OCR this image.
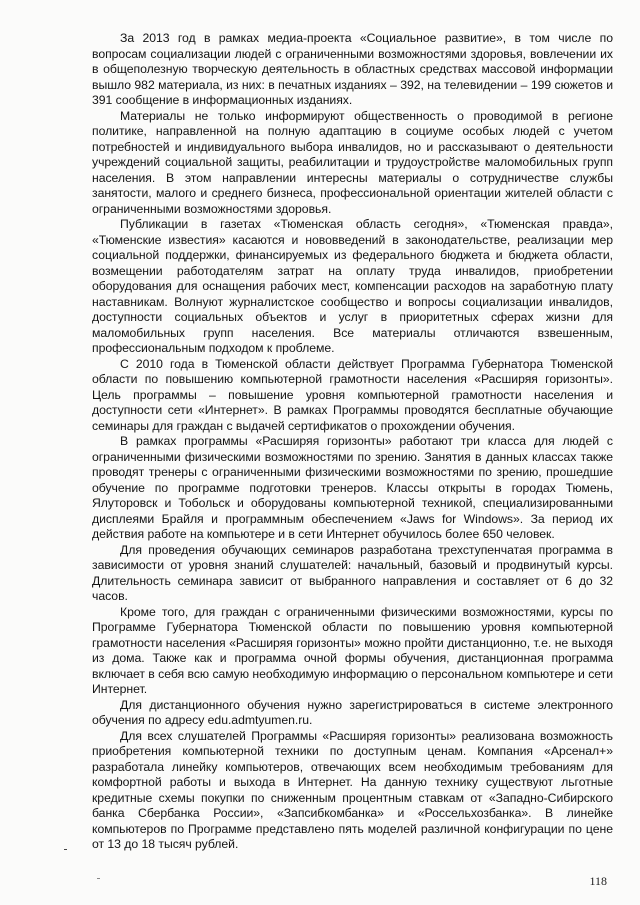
За 2013 год в рамках медиа-проекта «Социальное развитие», в том числе по вопросам социализации людей с ограниченными возможностями здоровья, вовлечении их в общеполезную творческую деятельность в областных средствах массовой информации вышло 982 материала, из них: в печатных изданиях – 392, на телевидении – 199 сюжетов и 391 сообщение в информационных изданиях.

Материалы не только информируют общественность о проводимой в регионе политике, направленной на полную адаптацию в социуме особых людей с учетом потребностей и индивидуального выбора инвалидов, но и рассказывают о деятельности учреждений социальной защиты, реабилитации и трудоустройстве маломобильных групп населения. В этом направлении интересны материалы о сотрудничестве службы занятости, малого и среднего бизнеса, профессиональной ориентации жителей области с ограниченными возможностями здоровья.

Публикации в газетах «Тюменская область сегодня», «Тюменская правда», «Тюменские известия» касаются и нововведений в законодательстве, реализации мер социальной поддержки, финансируемых из федерального бюджета и бюджета области, возмещении работодателям затрат на оплату труда инвалидов, приобретении оборудования для оснащения рабочих мест, компенсации расходов на заработную плату наставникам. Волнуют журналистское сообщество и вопросы социализации инвалидов, доступности социальных объектов и услуг в приоритетных сферах жизни для маломобильных групп населения. Все материалы отличаются взвешенным, профессиональным подходом к проблеме.

С 2010 года в Тюменской области действует Программа Губернатора Тюменской области по повышению компьютерной грамотности населения «Расширяя горизонты». Цель программы – повышение уровня компьютерной грамотности населения и доступности сети «Интернет». В рамках Программы проводятся бесплатные обучающие семинары для граждан с выдачей сертификатов о прохождении обучения.

В рамках программы «Расширяя горизонты» работают три класса для людей с ограниченными физическими возможностями по зрению. Занятия в данных классах также проводят тренеры с ограниченными физическими возможностями по зрению, прошедшие обучение по программе подготовки тренеров. Классы открыты в городах Тюмень, Ялуторовск и Тобольск и оборудованы компьютерной техникой, специализированными дисплеями Брайля и программным обеспечением «Jaws for Windows». За период их действия работе на компьютере и в сети Интернет обучилось более 650 человек.

Для проведения обучающих семинаров разработана трехступенчатая программа в зависимости от уровня знаний слушателей: начальный, базовый и продвинутый курсы. Длительность семинара зависит от выбранного направления и составляет от 6 до 32 часов.

Кроме того, для граждан с ограниченными физическими возможностями, курсы по Программе Губернатора Тюменской области по повышению уровня компьютерной грамотности населения «Расширяя горизонты» можно пройти дистанционно, т.е. не выходя из дома. Также как и программа очной формы обучения, дистанционная программа включает в себя всю самую необходимую информацию о персональном компьютере и сети Интернет.

Для дистанционного обучения нужно зарегистрироваться в системе электронного обучения по адресу edu.admtyumen.ru.

Для всех слушателей Программы «Расширяя горизонты» реализована возможность приобретения компьютерной техники по доступным ценам. Компания «Арсенал+» разработала линейку компьютеров, отвечающих всем необходимым требованиям для комфортной работы и выхода в Интернет. На данную технику существуют льготные кредитные схемы покупки по сниженным процентным ставкам от «Западно-Сибирского банка Сбербанка России», «Запсибкомбанка» и «Россельхозбанка». В линейке компьютеров по Программе представлено пять моделей различной конфигурации по цене от 13 до 18 тысяч рублей.

118
